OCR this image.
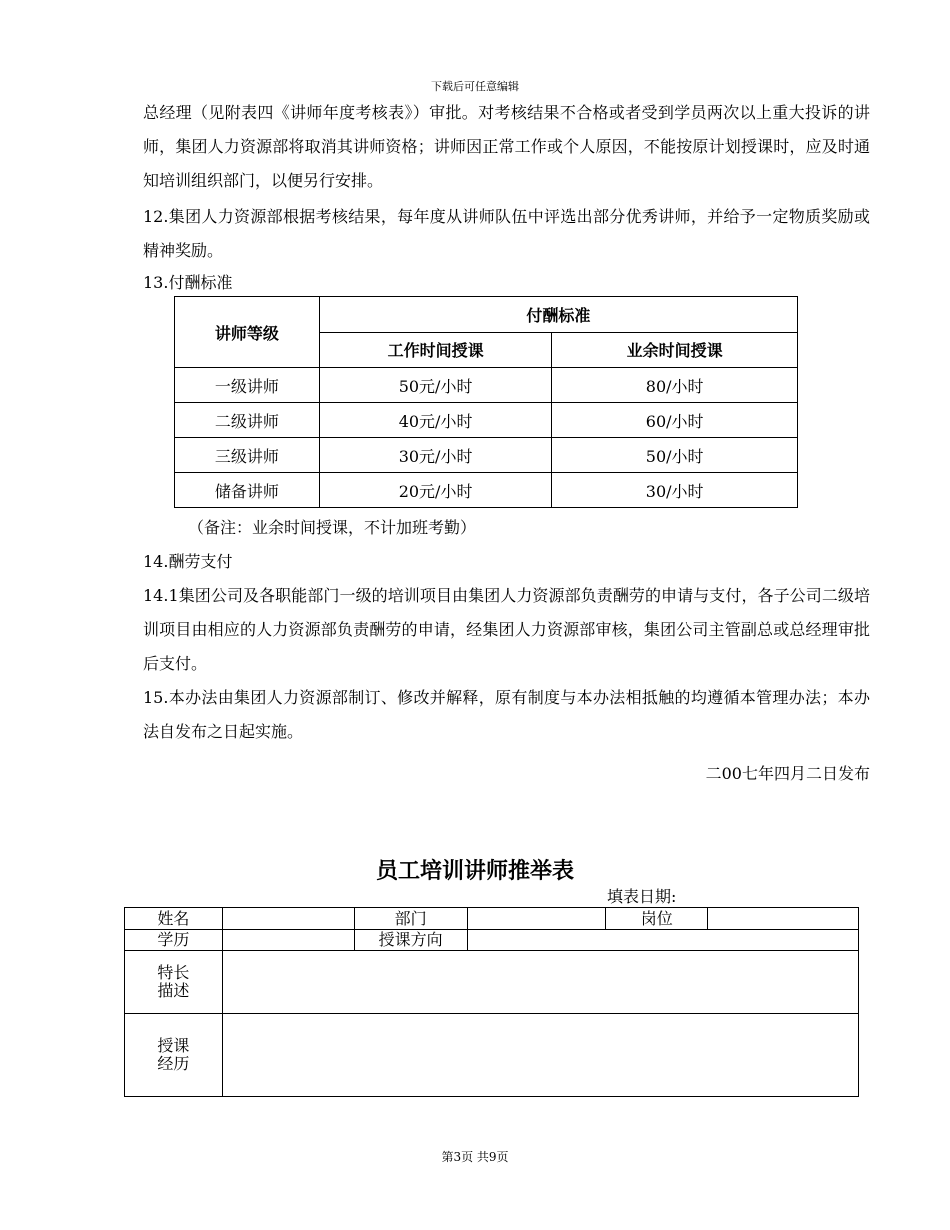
下载后可任意编辑

总经理（见附表四《讲师年度考核表》）审批。对考核结果不合格或者受到学员两次以上重大投诉的讲师，集团人力资源部将取消其讲师资格；讲师因正常工作或个人原因，不能按原计划授课时，应及时通知培训组织部门，以便另行安排。

12.集团人力资源部根据考核结果，每年度从讲师队伍中评选出部分优秀讲师，并给予一定物质奖励或精神奖励。

13.付酬标准

讲师等级	付酬标准	
	工作时间授课	业余时间授课
一级讲师	50元/小时	80/小时
二级讲师	40元/小时	60/小时
三级讲师	30元/小时	50/小时
储备讲师	20元/小时	30/小时
（备注：业余时间授课，不计加班考勤）

14.酬劳支付

14.1集团公司及各职能部门一级的培训项目由集团人力资源部负责酬劳的申请与支付，各子公司二级培训项目由相应的人力资源部负责酬劳的申请，经集团人力资源部审核，集团公司主管副总或总经理审批后支付。

15.本办法由集团人力资源部制订、修改并解释，原有制度与本办法相抵触的均遵循本管理办法；本办法自发布之日起实施。

二00七年四月二日发布
员工培训讲师推举表
填表日期:
姓名		部门		岗位	
学历		授课方向			

特长
描述					

授课
经历					

第3页 共9页
